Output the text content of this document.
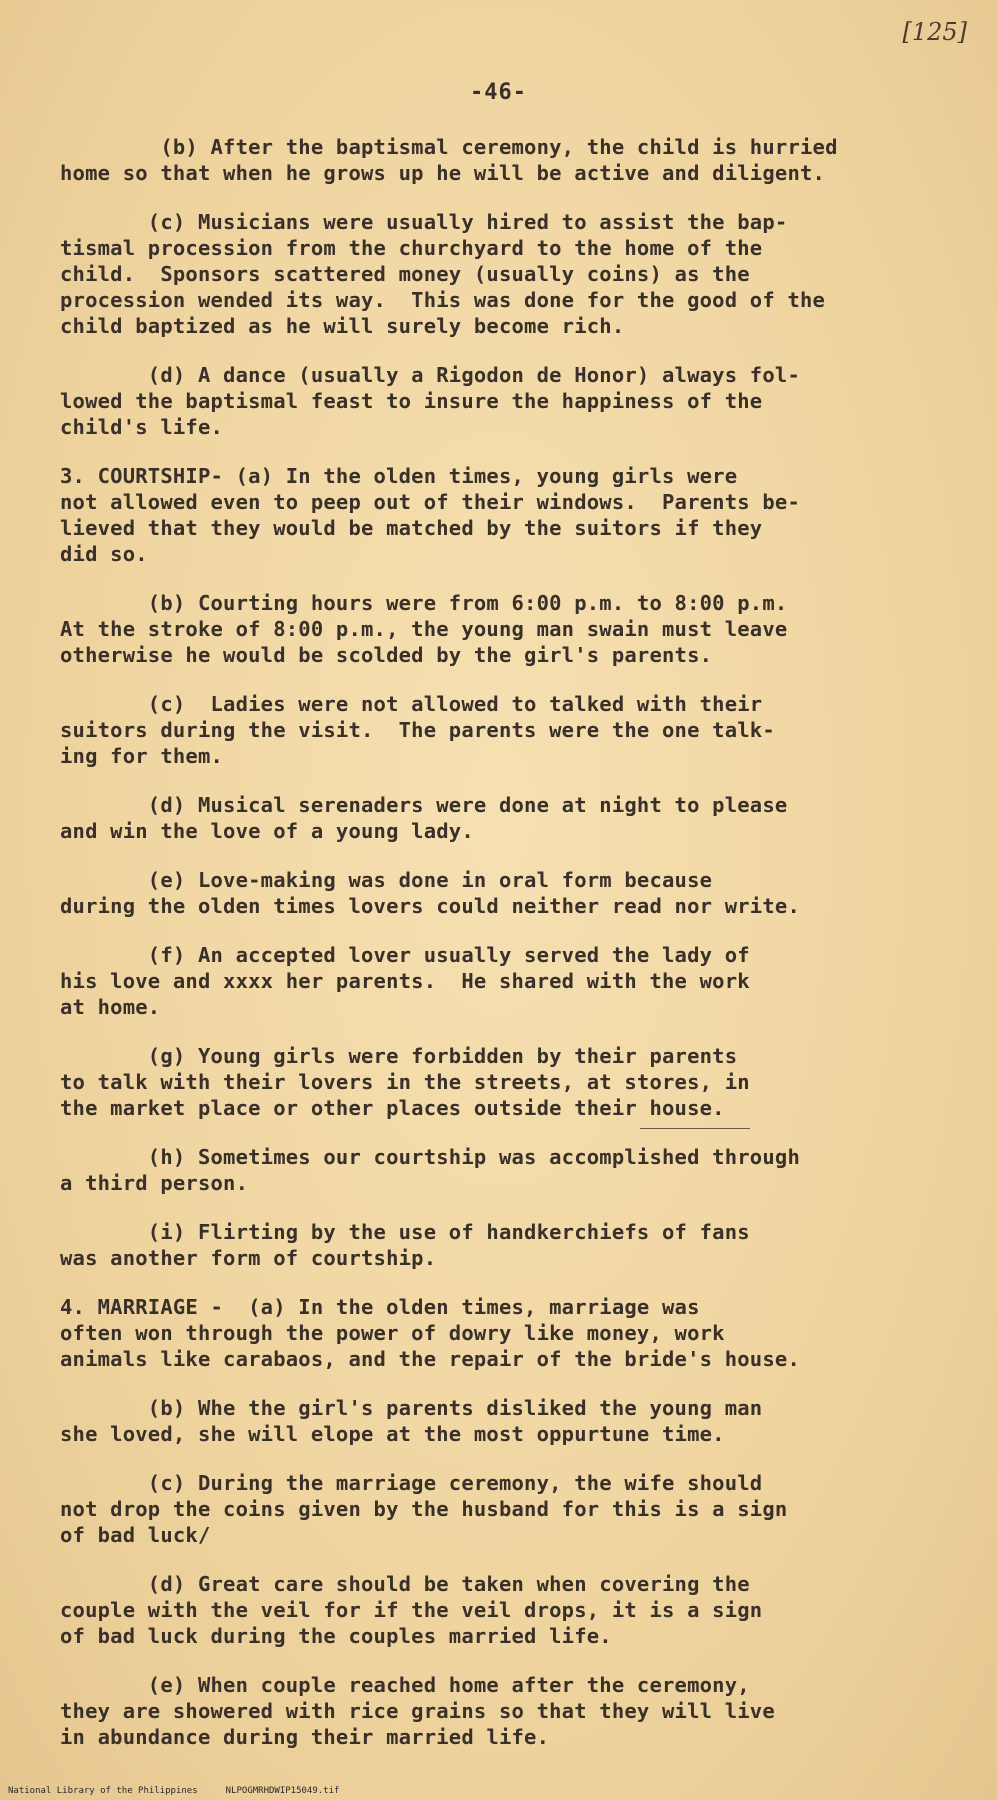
[125]
-46-
(b) After the baptismal ceremony, the child is hurried
home so that when he grows up he will be active and diligent.
(c) Musicians were usually hired to assist the bap-
tismal procession from the churchyard to the home of the
child.  Sponsors scattered money (usually coins) as the
procession wended its way.  This was done for the good of the
child baptized as he will surely become rich.
(d) A dance (usually a Rigodon de Honor) always fol-
lowed the baptismal feast to insure the happiness of the
child's life.
3. COURTSHIP- (a) In the olden times, young girls were
not allowed even to peep out of their windows.  Parents be-
lieved that they would be matched by the suitors if they
did so.
(b) Courting hours were from 6:00 p.m. to 8:00 p.m.
At the stroke of 8:00 p.m., the young man swain must leave
otherwise he would be scolded by the girl's parents.
(c)  Ladies were not allowed to talked with their
suitors during the visit.  The parents were the one talk-
ing for them.
(d) Musical serenaders were done at night to please
and win the love of a young lady.
(e) Love-making was done in oral form because
during the olden times lovers could neither read nor write.
(f) An accepted lover usually served the lady of
his love and xxxx her parents.  He shared with the work
at home.
(g) Young girls were forbidden by their parents
to talk with their lovers in the streets, at stores, in
the market place or other places outside their house.
(h) Sometimes our courtship was accomplished through
a third person.
(i) Flirting by the use of handkerchiefs of fans
was another form of courtship.
4. MARRIAGE -  (a) In the olden times, marriage was
often won through the power of dowry like money, work
animals like carabaos, and the repair of the bride's house.
(b) Whe the girl's parents disliked the young man
she loved, she will elope at the most oppurtune time.
(c) During the marriage ceremony, the wife should
not drop the coins given by the husband for this is a sign
of bad luck/
(d) Great care should be taken when covering the
couple with the veil for if the veil drops, it is a sign
of bad luck during the couples married life.
(e) When couple reached home after the ceremony,
they are showered with rice grains so that they will live
in abundance during their married life.
National Library of the Philippines	NLPOGMRHDWIP15049.tif
